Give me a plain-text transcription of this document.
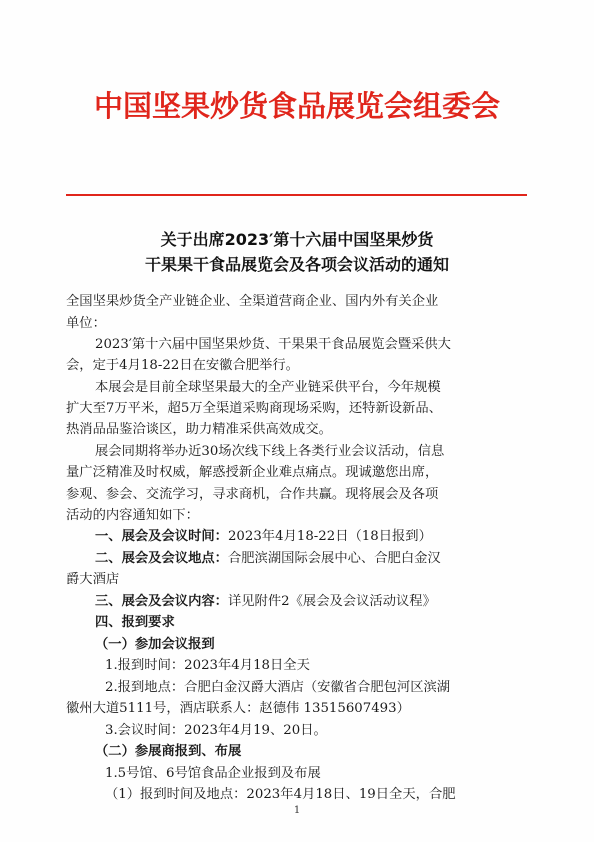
中国坚果炒货食品展览会组委会
关于出席2023′第十六届中国坚果炒货
干果果干食品展览会及各项会议活动的通知
全国坚果炒货全产业链企业、全渠道营商企业、国内外有关企业
单位：
2023′第十六届中国坚果炒货、干果果干食品展览会暨采供大
会，定于4月18-22日在安徽合肥举行。
本展会是目前全球坚果最大的全产业链采供平台，今年规模
扩大至7万平米，超5万全渠道采购商现场采购，还特新设新品、
热消品品鉴洽谈区，助力精准采供高效成交。
展会同期将举办近30场次线下线上各类行业会议活动，信息
量广泛精准及时权威，解惑授新企业难点痛点。现诚邀您出席，
参观、参会、交流学习，寻求商机，合作共赢。现将展会及各项
活动的内容通知如下：
一、展会及会议时间：2023年4月18-22日（18日报到）
二、展会及会议地点：合肥滨湖国际会展中心、合肥白金汉
爵大酒店
三、展会及会议内容：详见附件2《展会及会议活动议程》
四、报到要求
（一）参加会议报到
1.报到时间：2023年4月18日全天
2.报到地点：合肥白金汉爵大酒店（安徽省合肥包河区滨湖
徽州大道5111号，酒店联系人：赵德伟 13515607493）
3.会议时间：2023年4月19、20日。
（二）参展商报到、布展
1.5号馆、6号馆食品企业报到及布展
（1）报到时间及地点：2023年4月18日、19日全天，合肥
1
